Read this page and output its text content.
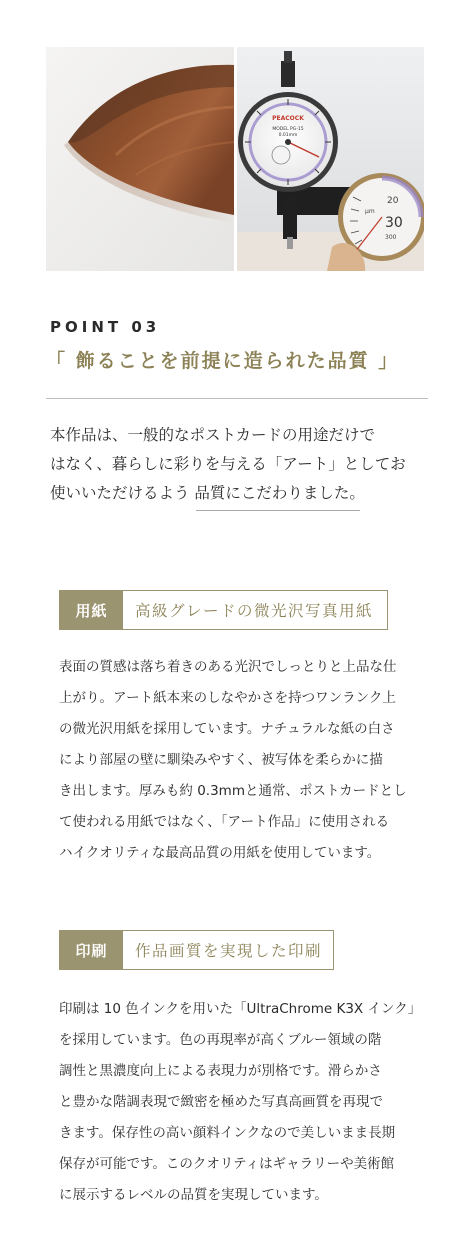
PEACOCK
MODEL PG-15
0.01mm
20
30
300
μm
POINT 03
「 飾ることを前提に造られた品質 」

本作品は、一般的なポストカードの用途だけで

はなく、暮らしに彩りを与える「アート」としてお

使いいただけるよう 品質にこだわりました。

用紙	高級グレードの微光沢写真用紙

表面の質感は落ち着きのある光沢でしっとりと上品な仕

上がり。アート紙本来のしなやかさを持つワンランク上

の微光沢用紙を採用しています。ナチュラルな紙の白さ

により部屋の壁に馴染みやすく、被写体を柔らかに描

き出します。厚みも約 0.3mmと通常、ポストカードとし

て使われる用紙ではなく、「アート作品」に使用される

ハイクオリティな最高品質の用紙を使用しています。

印刷	作品画質を実現した印刷

印刷は 10 色インクを用いた「UltraChrome K3X インク」

を採用しています。色の再現率が高くブルー領域の階

調性と黒濃度向上による表現力が別格です。滑らかさ

と豊かな階調表現で緻密を極めた写真高画質を再現で

きます。保存性の高い顔料インクなので美しいまま長期

保存が可能です。このクオリティはギャラリーや美術館

に展示するレベルの品質を実現しています。
